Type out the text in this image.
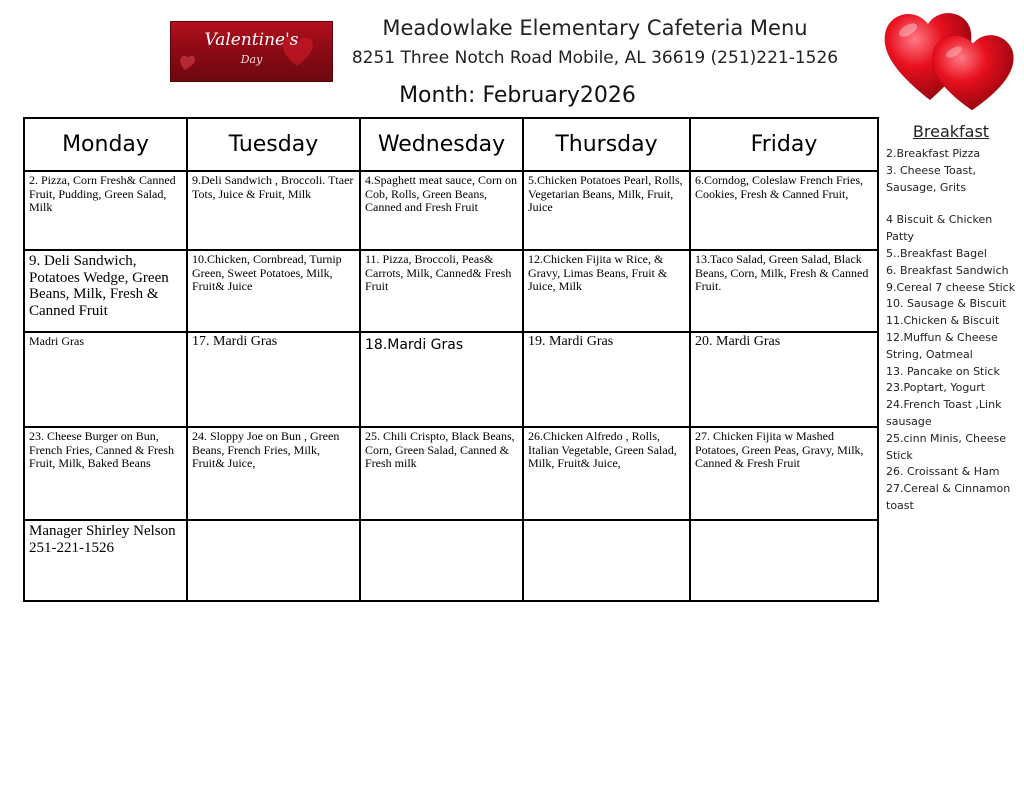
Valentine's
Day
Meadowlake Elementary Cafeteria Menu
8251 Three Notch Road Mobile, AL 36619 (251)221-1526
Month: February2026
Monday	Tuesday	Wednesday	Thursday	Friday
2. Pizza, Corn Fresh& Canned Fruit, Pudding, Green Salad, Milk	9.Deli Sandwich , Broccoli. Ttaer Tots, Juice & Fruit, Milk	4.Spaghett meat sauce, Corn on Cob, Rolls, Green Beans, Canned and Fresh Fruit	5.Chicken Potatoes Pearl, Rolls, Vegetarian Beans, Milk, Fruit, Juice	6.Corndog, Coleslaw French Fries, Cookies, Fresh & Canned Fruit,
9. Deli Sandwich, Potatoes Wedge, Green Beans, Milk, Fresh & Canned Fruit	10.Chicken, Cornbread, Turnip Green, Sweet Potatoes, Milk, Fruit& Juice	11. Pizza, Broccoli, Peas& Carrots, Milk, Canned& Fresh Fruit	12.Chicken Fijita w Rice, & Gravy, Limas Beans, Fruit & Juice, Milk	13.Taco Salad, Green Salad, Black Beans, Corn, Milk, Fresh & Canned Fruit.
Madri Gras	17. Mardi Gras	18.Mardi Gras	19. Mardi Gras	20. Mardi Gras
23. Cheese Burger on Bun, French Fries, Canned & Fresh Fruit, Milk, Baked Beans	24. Sloppy Joe on Bun , Green Beans, French Fries, Milk, Fruit& Juice,	25. Chili Crispto, Black Beans, Corn, Green Salad, Canned & Fresh milk	26.Chicken Alfredo , Rolls, Italian Vegetable, Green Salad, Milk, Fruit& Juice,	27. Chicken Fijita w Mashed Potatoes, Green Peas, Gravy, Milk, Canned & Fresh Fruit
Manager Shirley Nelson 251-221-1526				
Breakfast
2.Breakfast Pizza
3. Cheese Toast, Sausage, Grits
4 Biscuit & Chicken Patty
5..Breakfast Bagel
6. Breakfast Sandwich
9.Cereal 7 cheese Stick
10. Sausage & Biscuit
11.Chicken & Biscuit
12.Muffun & Cheese String, Oatmeal
13. Pancake on Stick
23.Poptart, Yogurt
24.French Toast ,Link sausage
25.cinn Minis, Cheese Stick
26. Croissant & Ham
27.Cereal & Cinnamon toast
